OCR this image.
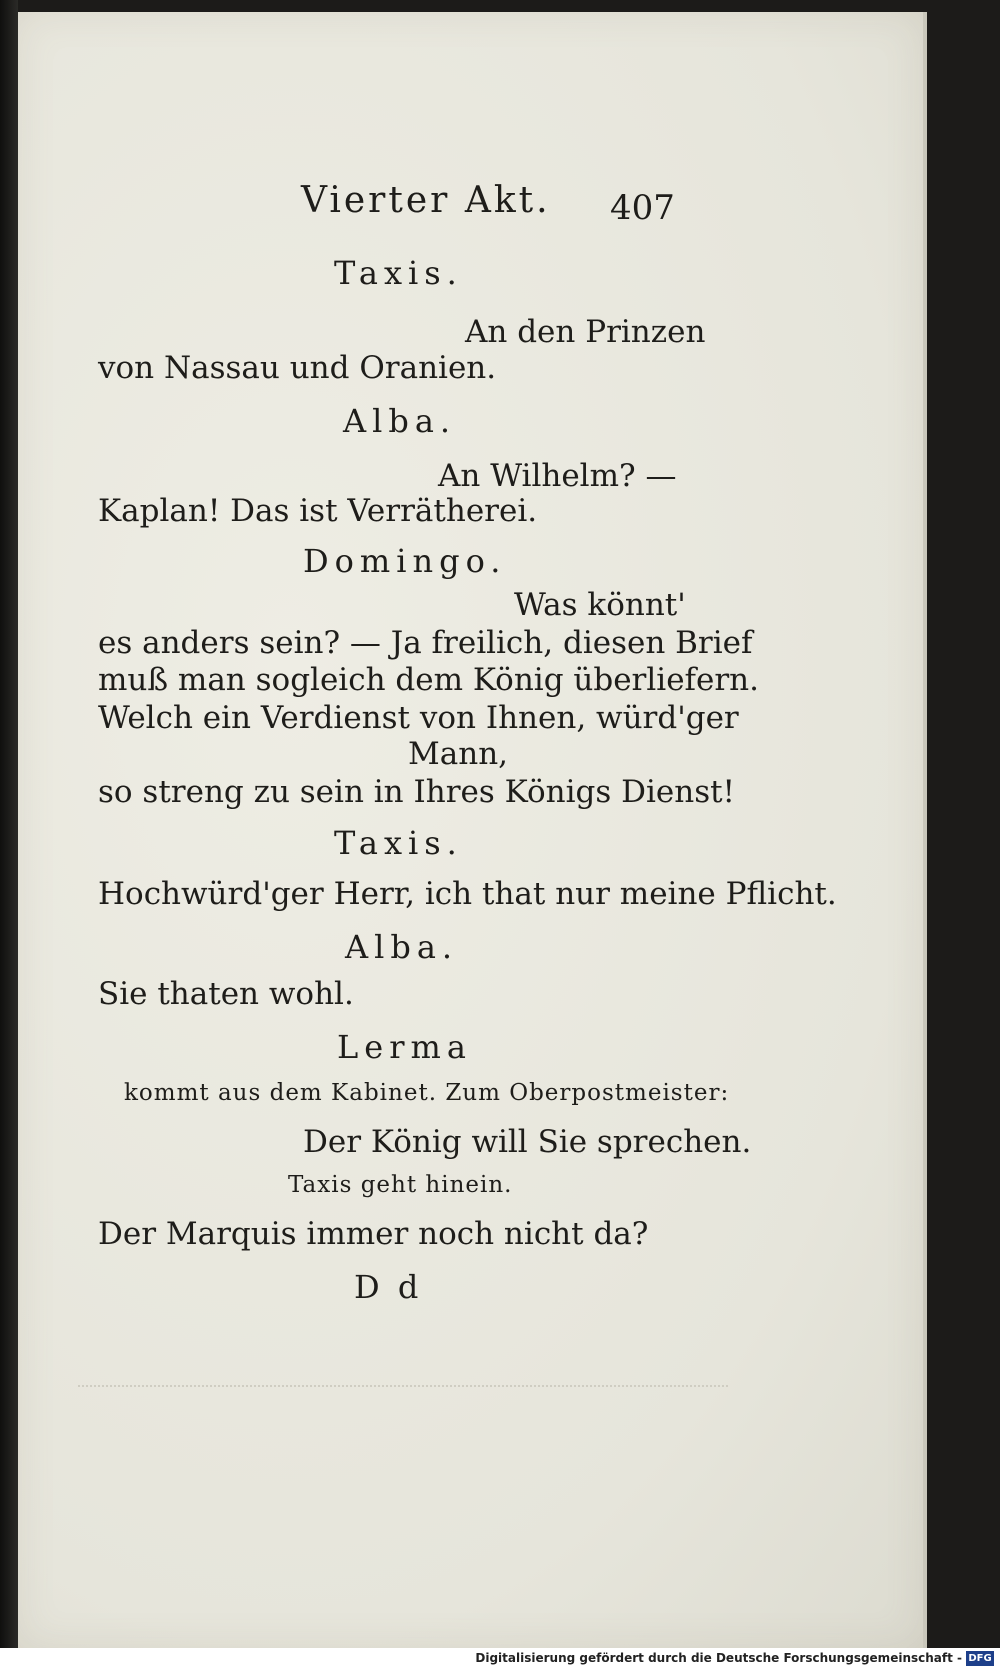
Vierter Akt. 407
Taxis.
An den Prinzen
von Nassau und Oranien.
Alba.
An Wilhelm? —
Kaplan! Das ist Verrätherei.
Domingo.
Was könnt'
es anders sein? — Ja freilich, diesen Brief
muß man sogleich dem König überliefern.
Welch ein Verdienst von Ihnen, würd'ger
Mann,
so streng zu sein in Ihres Königs Dienst!
Taxis.
Hochwürd'ger Herr, ich that nur meine Pflicht.
Alba.
Sie thaten wohl.
Lerma
kommt aus dem Kabinet. Zum Oberpostmeister:
Der König will Sie sprechen.
Taxis geht hinein.
Der Marquis immer noch nicht da?
D d
Digitalisierung gefördert durch die Deutsche Forschungsgemeinschaft - DFG
